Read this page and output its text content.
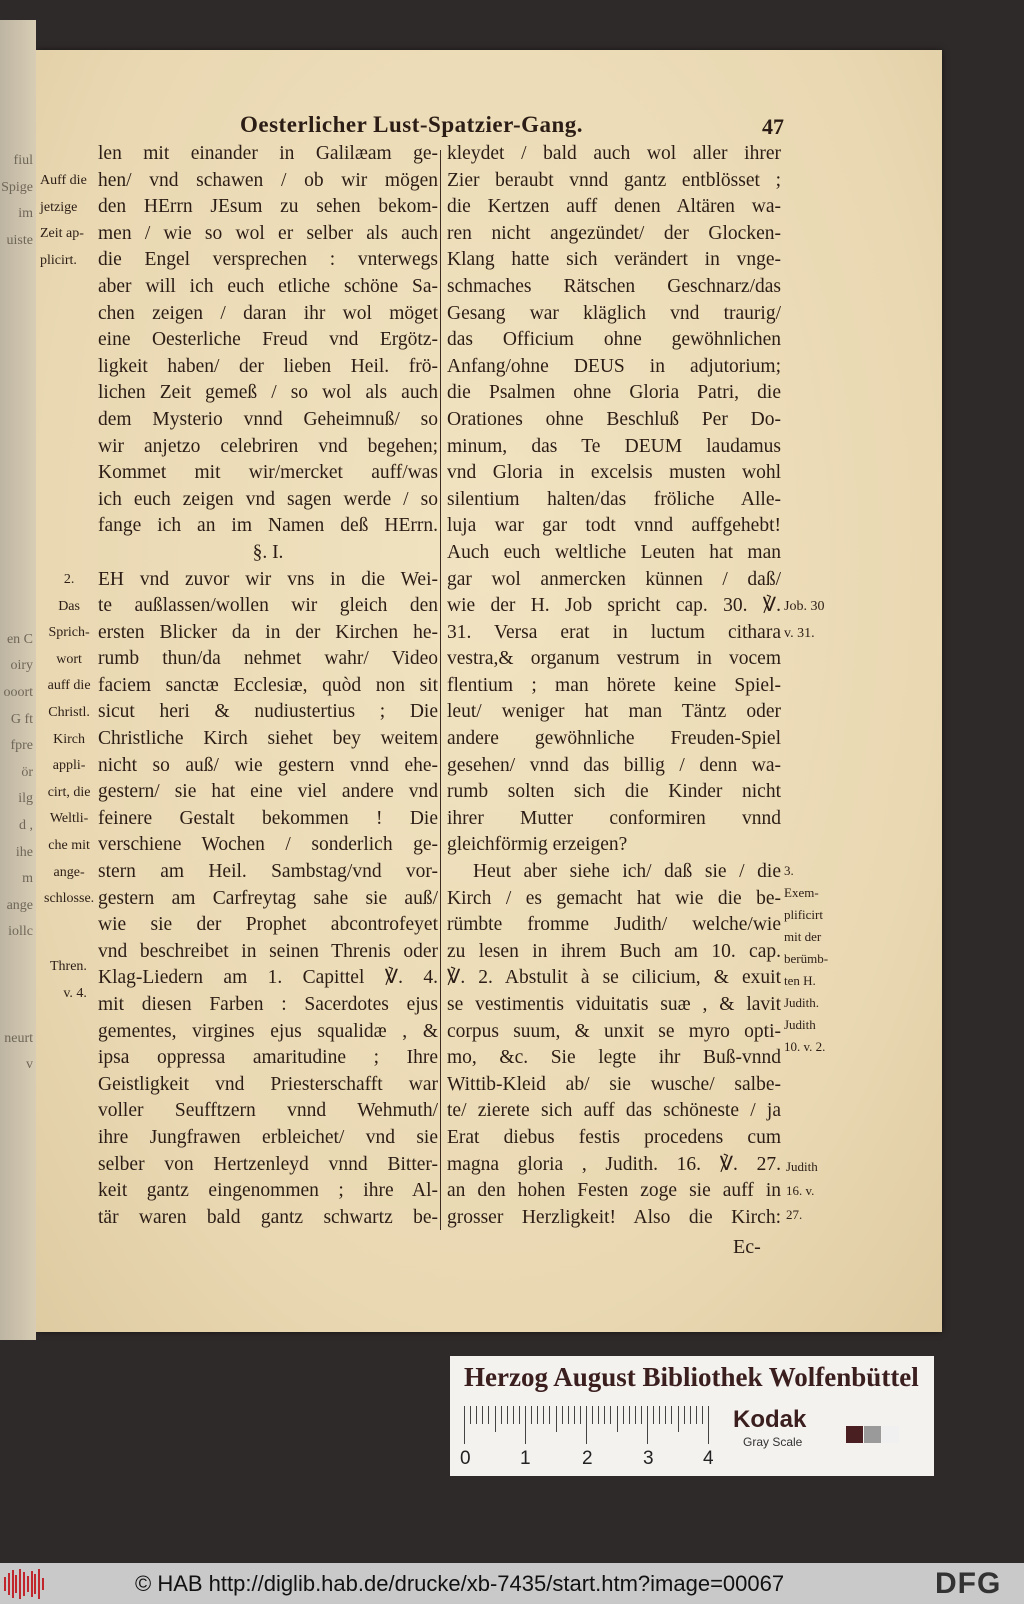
fiul
Spige
im
uiste
en C
oiry
ooort
G ft
fpre
ör
ilg
d ,
ihe
m
ange
iollc
neurt
v
Oesterlicher Lust-Spatzier-Gang.	47
len mit einander in Galilæam ge-
hen/ vnd schawen / ob wir mögen
den HErrn JEsum zu sehen bekom-
men / wie so wol er selber als auch
die Engel versprechen : vnterwegs
aber will ich euch etliche schöne Sa-
chen zeigen / daran ihr wol möget
eine Oesterliche Freud vnd Ergötz-
ligkeit haben/ der lieben Heil. frö-
lichen Zeit gemeß / so wol als auch
dem Mysterio vnnd Geheimnuß/ so
wir anjetzo celebriren vnd begehen;
Kommet mit wir/mercket auff/was
ich euch zeigen vnd sagen werde / so
fange ich an im Namen deß HErrn.
§. I.
EH vnd zuvor wir vns in die Wei-
te außlassen/wollen wir gleich den
ersten Blicker da in der Kirchen he-
rumb thun/da nehmet wahr/ Video
faciem sanctæ Ecclesiæ, quòd non sit
sicut heri & nudiustertius ; Die
Christliche Kirch siehet bey weitem
nicht so auß/ wie gestern vnnd ehe-
gestern/ sie hat eine viel andere vnd
feinere Gestalt bekommen ! Die
verschiene Wochen / sonderlich ge-
stern am Heil. Sambstag/vnd vor-
gestern am Carfreytag sahe sie auß/
wie sie der Prophet abcontrofeyet
vnd beschreibet in seinen Threnis oder
Klag-Liedern am 1. Capittel ℣. 4.
mit diesen Farben : Sacerdotes ejus
gementes, virgines ejus squalidæ , &
ipsa oppressa amaritudine ; Ihre
Geistligkeit vnd Priesterschafft war
voller Seufftzern vnnd Wehmuth/
ihre Jungfrawen erbleichet/ vnd sie
selber von Hertzenleyd vnnd Bitter-
keit gantz eingenommen ; ihre Al-
tär waren bald gantz schwartz be-
kleydet / bald auch wol aller ihrer
Zier beraubt vnnd gantz entblösset ;
die Kertzen auff denen Altären wa-
ren nicht angezündet/ der Glocken-
Klang hatte sich verändert in vnge-
schmaches Rätschen Geschnarz/das
Gesang war kläglich vnd traurig/
das Officium ohne gewöhnlichen
Anfang/ohne DEUS in adjutorium;
die Psalmen ohne Gloria Patri, die
Orationes ohne Beschluß Per Do-
minum, das Te DEUM laudamus
vnd Gloria in excelsis musten wohl
silentium halten/das fröliche Alle-
luja war gar todt vnnd auffgehebt!
Auch euch weltliche Leuten hat man
gar wol anmercken künnen / daß/
wie der H. Job spricht cap. 30. ℣.
31. Versa erat in luctum cithara
vestra,& organum vestrum in vocem
flentium ; man hörete keine Spiel-
leut/ weniger hat man Täntz oder
andere gewöhnliche Freuden-Spiel
gesehen/ vnnd das billig / denn wa-
rumb solten sich die Kinder nicht
ihrer Mutter conformiren vnnd
gleichförmig erzeigen?
Heut aber siehe ich/ daß sie / die
Kirch / es gemacht hat wie die be-
rümbte fromme Judith/ welche/wie
zu lesen in ihrem Buch am 10. cap.
℣. 2. Abstulit à se cilicium, & exuit
se vestimentis viduitatis suæ , & lavit
corpus suum, & unxit se myro opti-
mo, &c. Sie legte ihr Buß-vnnd
Wittib-Kleid ab/ sie wusche/ salbe-
te/ zierete sich auff das schöneste / ja
Erat diebus festis procedens cum
magna gloria , Judith. 16. ℣. 27.
an den hohen Festen zoge sie auff in
grosser Herzligkeit! Also die Kirch:
Auff die
jetzige
Zeit ap-
plicirt.
2.
Das
Sprich-
wort
auff die
Christl.
Kirch
appli-
cirt, die
Weltli-
che mit
ange-
schlosse.
Thren.
v. 4.
Job. 30
v. 31.
3.
Exem-
plificirt
mit der
berümb-
ten H.
Judith.
Judith
10. v. 2.
Judith
16. v.
27.
Ec-
Herzog August Bibliothek Wolfenbüttel
0	1	2	3	4
Kodak
Gray Scale
© HAB http://diglib.hab.de/drucke/xb-7435/start.htm?image=00067	DFG
